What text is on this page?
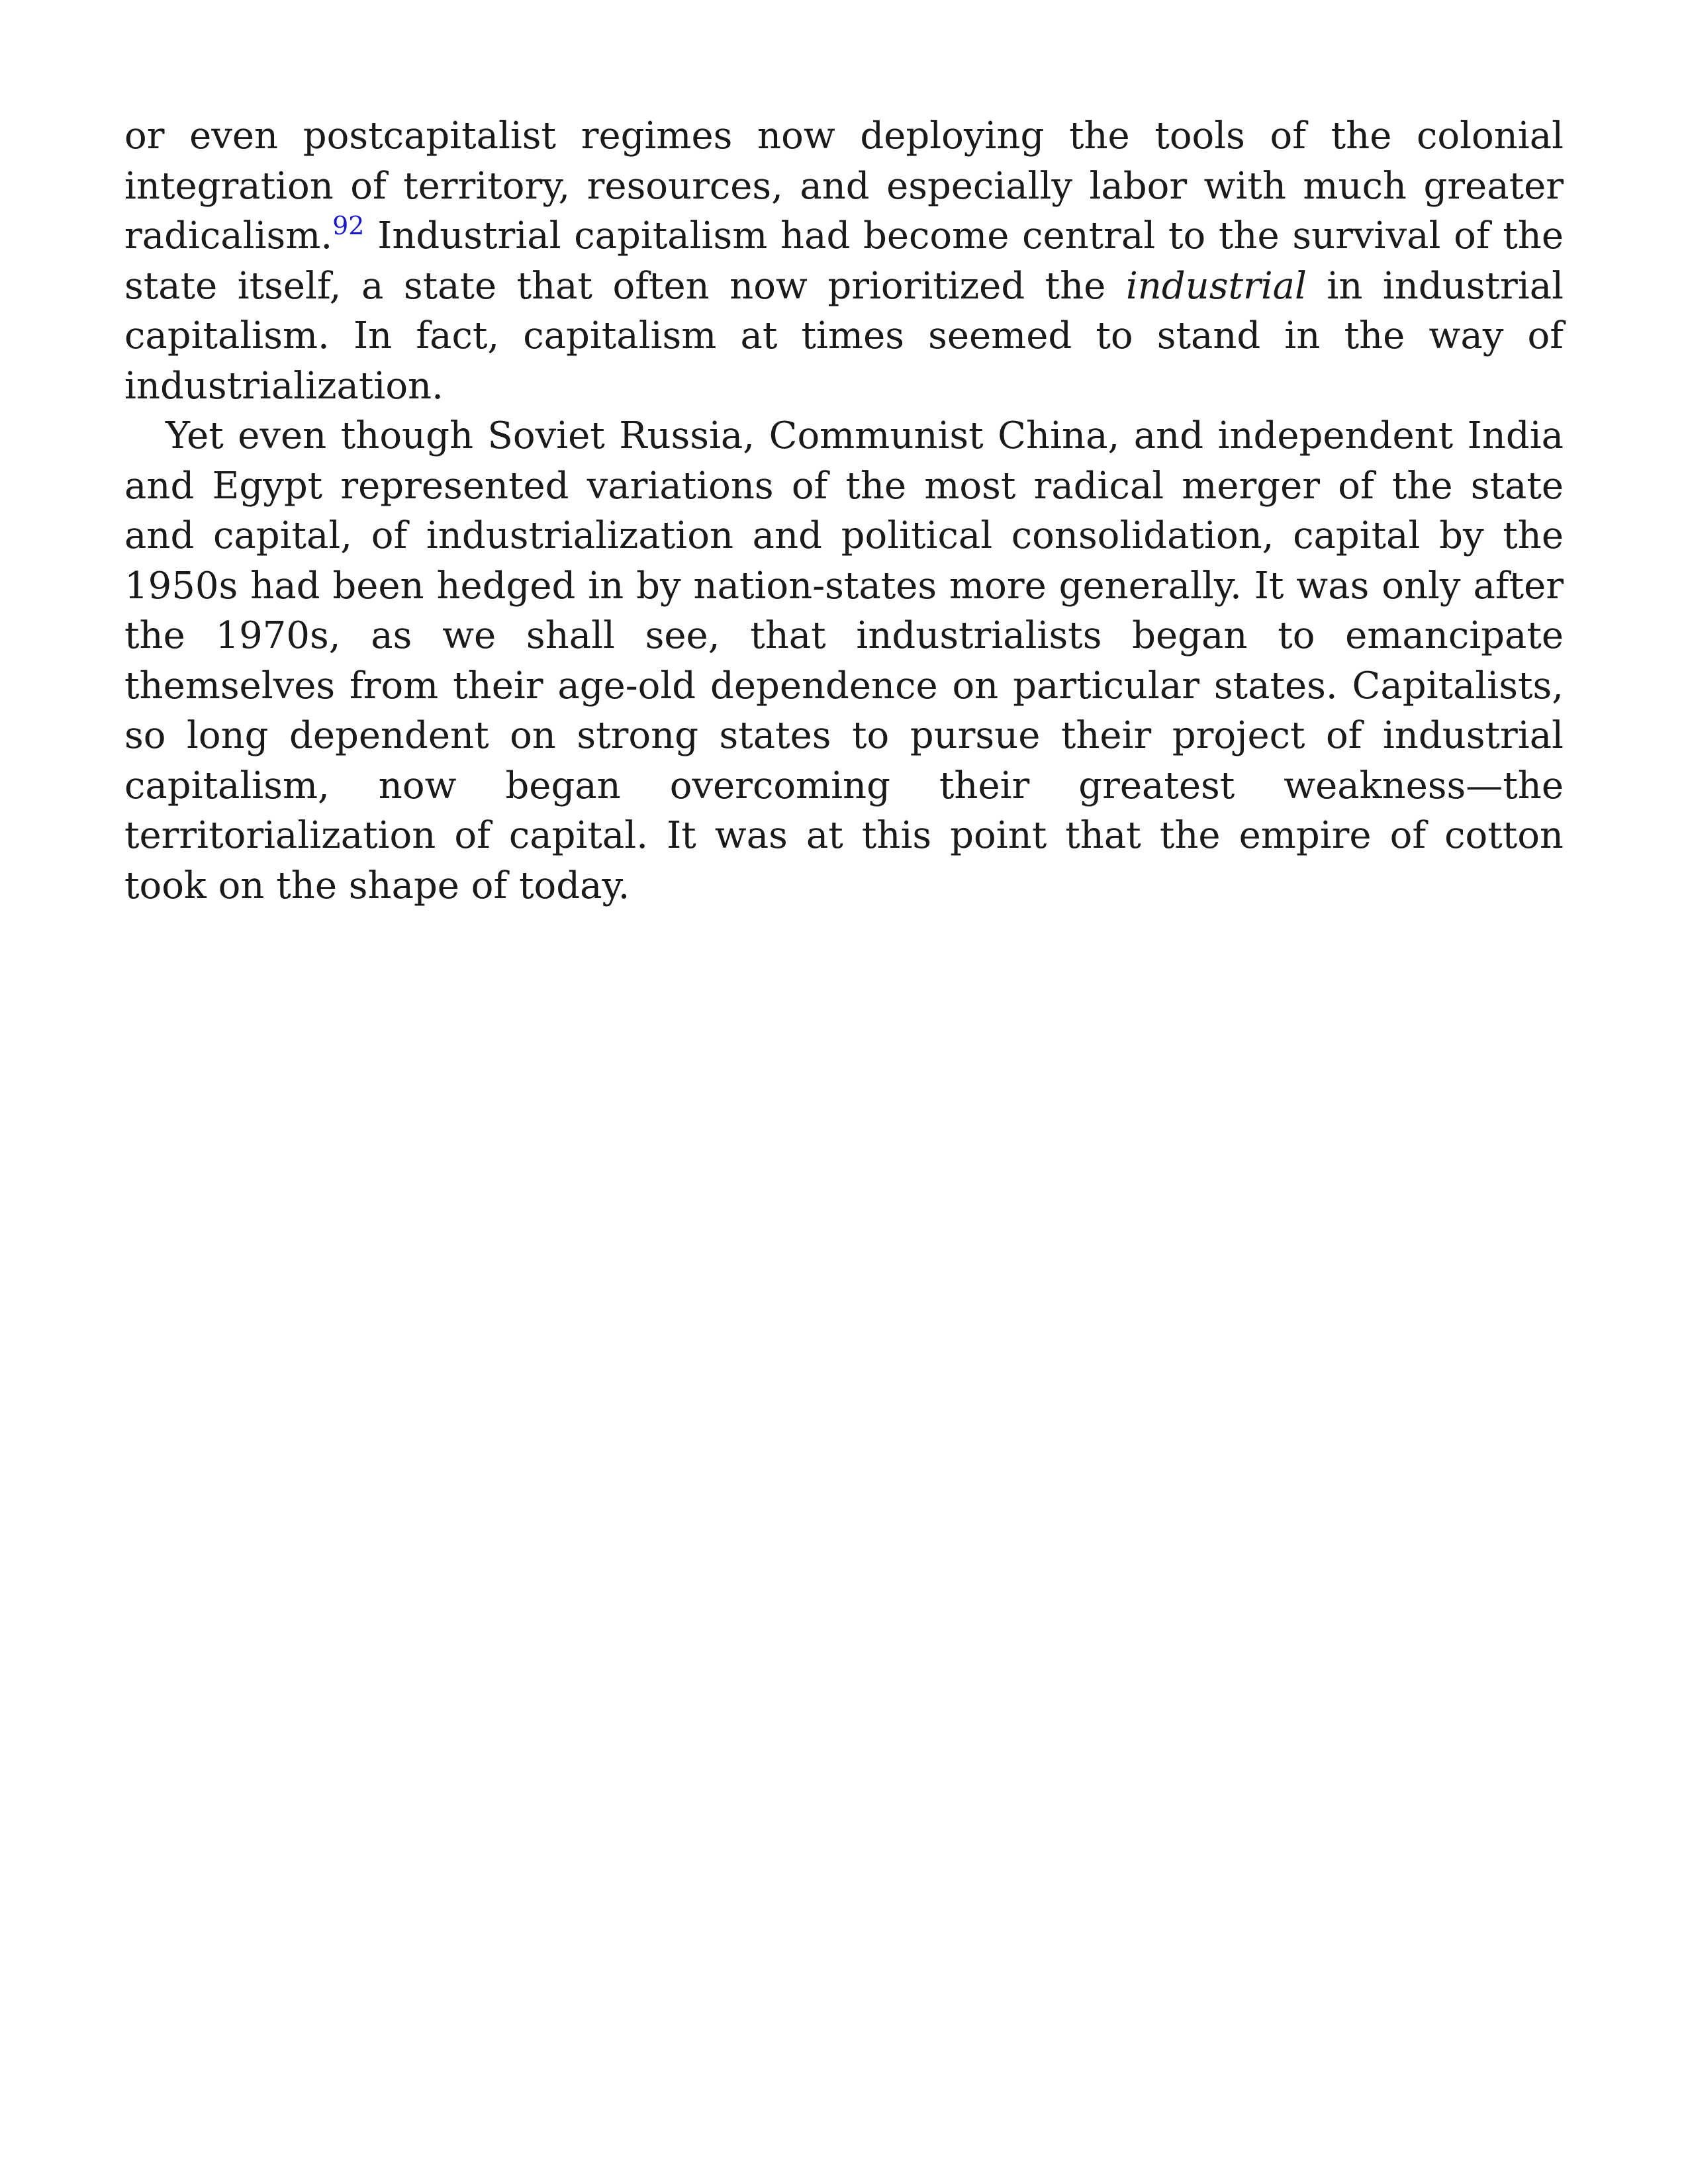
or even postcapitalist regimes now deploying the tools of the colonial integration of territory, resources, and especially labor with much greater radicalism.$^{92}$ Industrial capitalism had become central to the survival of the state itself, a state that often now prioritized the industrial in industrial capitalism. In fact, capitalism at times seemed to stand in the way of industrialization.

Yet even though Soviet Russia, Communist China, and independent India and Egypt represented variations of the most radical merger of the state and capital, of industrialization and political consolidation, capital by the 1950s had been hedged in by nation-states more generally. It was only after the 1970s, as we shall see, that industrialists began to emancipate themselves from their age-old dependence on particular states. Capitalists, so long dependent on strong states to pursue their project of industrial capitalism, now began overcoming their greatest weakness—the territorialization of capital. It was at this point that the empire of cotton took on the shape of today.
